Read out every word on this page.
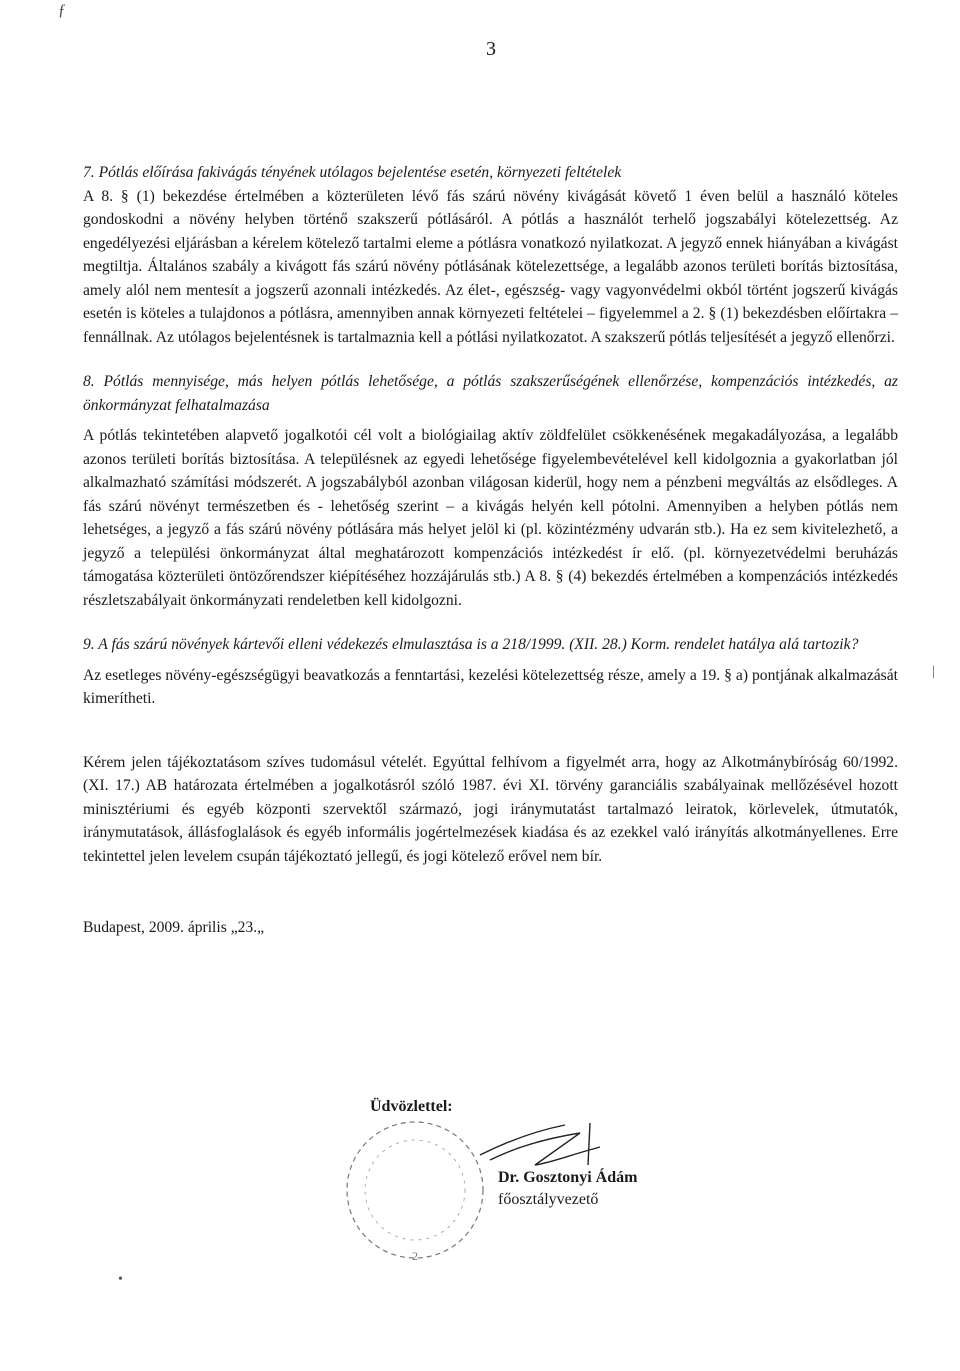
ƒ
3

7. Pótlás előírása fakivágás tényének utólagos bejelentése esetén, környezeti feltételek

A 8. § (1) bekezdése értelmében a közterületen lévő fás szárú növény kivágását követő 1 éven belül a használó köteles gondoskodni a növény helyben történő szakszerű pótlásáról. A pótlás a használót terhelő jogszabályi kötelezettség. Az engedélyezési eljárásban a kérelem kötelező tartalmi eleme a pótlásra vonatkozó nyilatkozat. A jegyző ennek hiányában a kivágást megtiltja. Általános szabály a kivágott fás szárú növény pótlásának kötelezettsége, a legalább azonos területi borítás biztosítása, amely alól nem mentesít a jogszerű azonnali intézkedés. Az élet-, egészség- vagy vagyonvédelmi okból történt jogszerű kivágás esetén is köteles a tulajdonos a pótlásra, amennyiben annak környezeti feltételei – figyelemmel a 2. § (1) bekezdésben előírtakra – fennállnak. Az utólagos bejelentésnek is tartalmaznia kell a pótlási nyilatkozatot. A szakszerű pótlás teljesítését a jegyző ellenőrzi.

8. Pótlás mennyisége, más helyen pótlás lehetősége, a pótlás szakszerűségének ellenőrzése, kompenzációs intézkedés, az önkormányzat felhatalmazása

A pótlás tekintetében alapvető jogalkotói cél volt a biológiailag aktív zöldfelület csökkenésének megakadályozása, a legalább azonos területi borítás biztosítása. A településnek az egyedi lehetősége figyelembevételével kell kidolgoznia a gyakorlatban jól alkalmazható számítási módszerét. A jogszabályból azonban világosan kiderül, hogy nem a pénzbeni megváltás az elsődleges. A fás szárú növényt természetben és - lehetőség szerint – a kivágás helyén kell pótolni. Amennyiben a helyben pótlás nem lehetséges, a jegyző a fás szárú növény pótlására más helyet jelöl ki (pl. közintézmény udvarán stb.). Ha ez sem kivitelezhető, a jegyző a települési önkormányzat által meghatározott kompenzációs intézkedést ír elő. (pl. környezetvédelmi beruházás támogatása közterületi öntözőrendszer kiépítéséhez hozzájárulás stb.) A 8. § (4) bekezdés értelmében a kompenzációs intézkedés részletszabályait önkormányzati rendeletben kell kidolgozni.

9. A fás szárú növények kártevői elleni védekezés elmulasztása is a 218/1999. (XII. 28.) Korm. rendelet hatálya alá tartozik?

Az esetleges növény-egészségügyi beavatkozás a fenntartási, kezelési kötelezettség része, amely a 19. § a) pontjának alkalmazását kimerítheti.

Kérem jelen tájékoztatásom szíves tudomásul vételét. Egyúttal felhívom a figyelmét arra, hogy az Alkotmánybíróság 60/1992. (XI. 17.) AB határozata értelmében a jogalkotásról szóló 1987. évi XI. törvény garanciális szabályainak mellőzésével hozott minisztériumi és egyéb központi szervektől származó, jogi iránymutatást tartalmazó leiratok, körlevelek, útmutatók, iránymutatások, állásfoglalások és egyéb informális jogértelmezések kiadása és az ezekkel való irányítás alkotmányellenes. Erre tekintettel jelen levelem csupán tájékoztató jellegű, és jogi kötelező erővel nem bír.

Budapest, 2009. április „23.„

Üdvözlettel:
2
Dr. Gosztonyi Ádám
főosztályvezető
•
|
